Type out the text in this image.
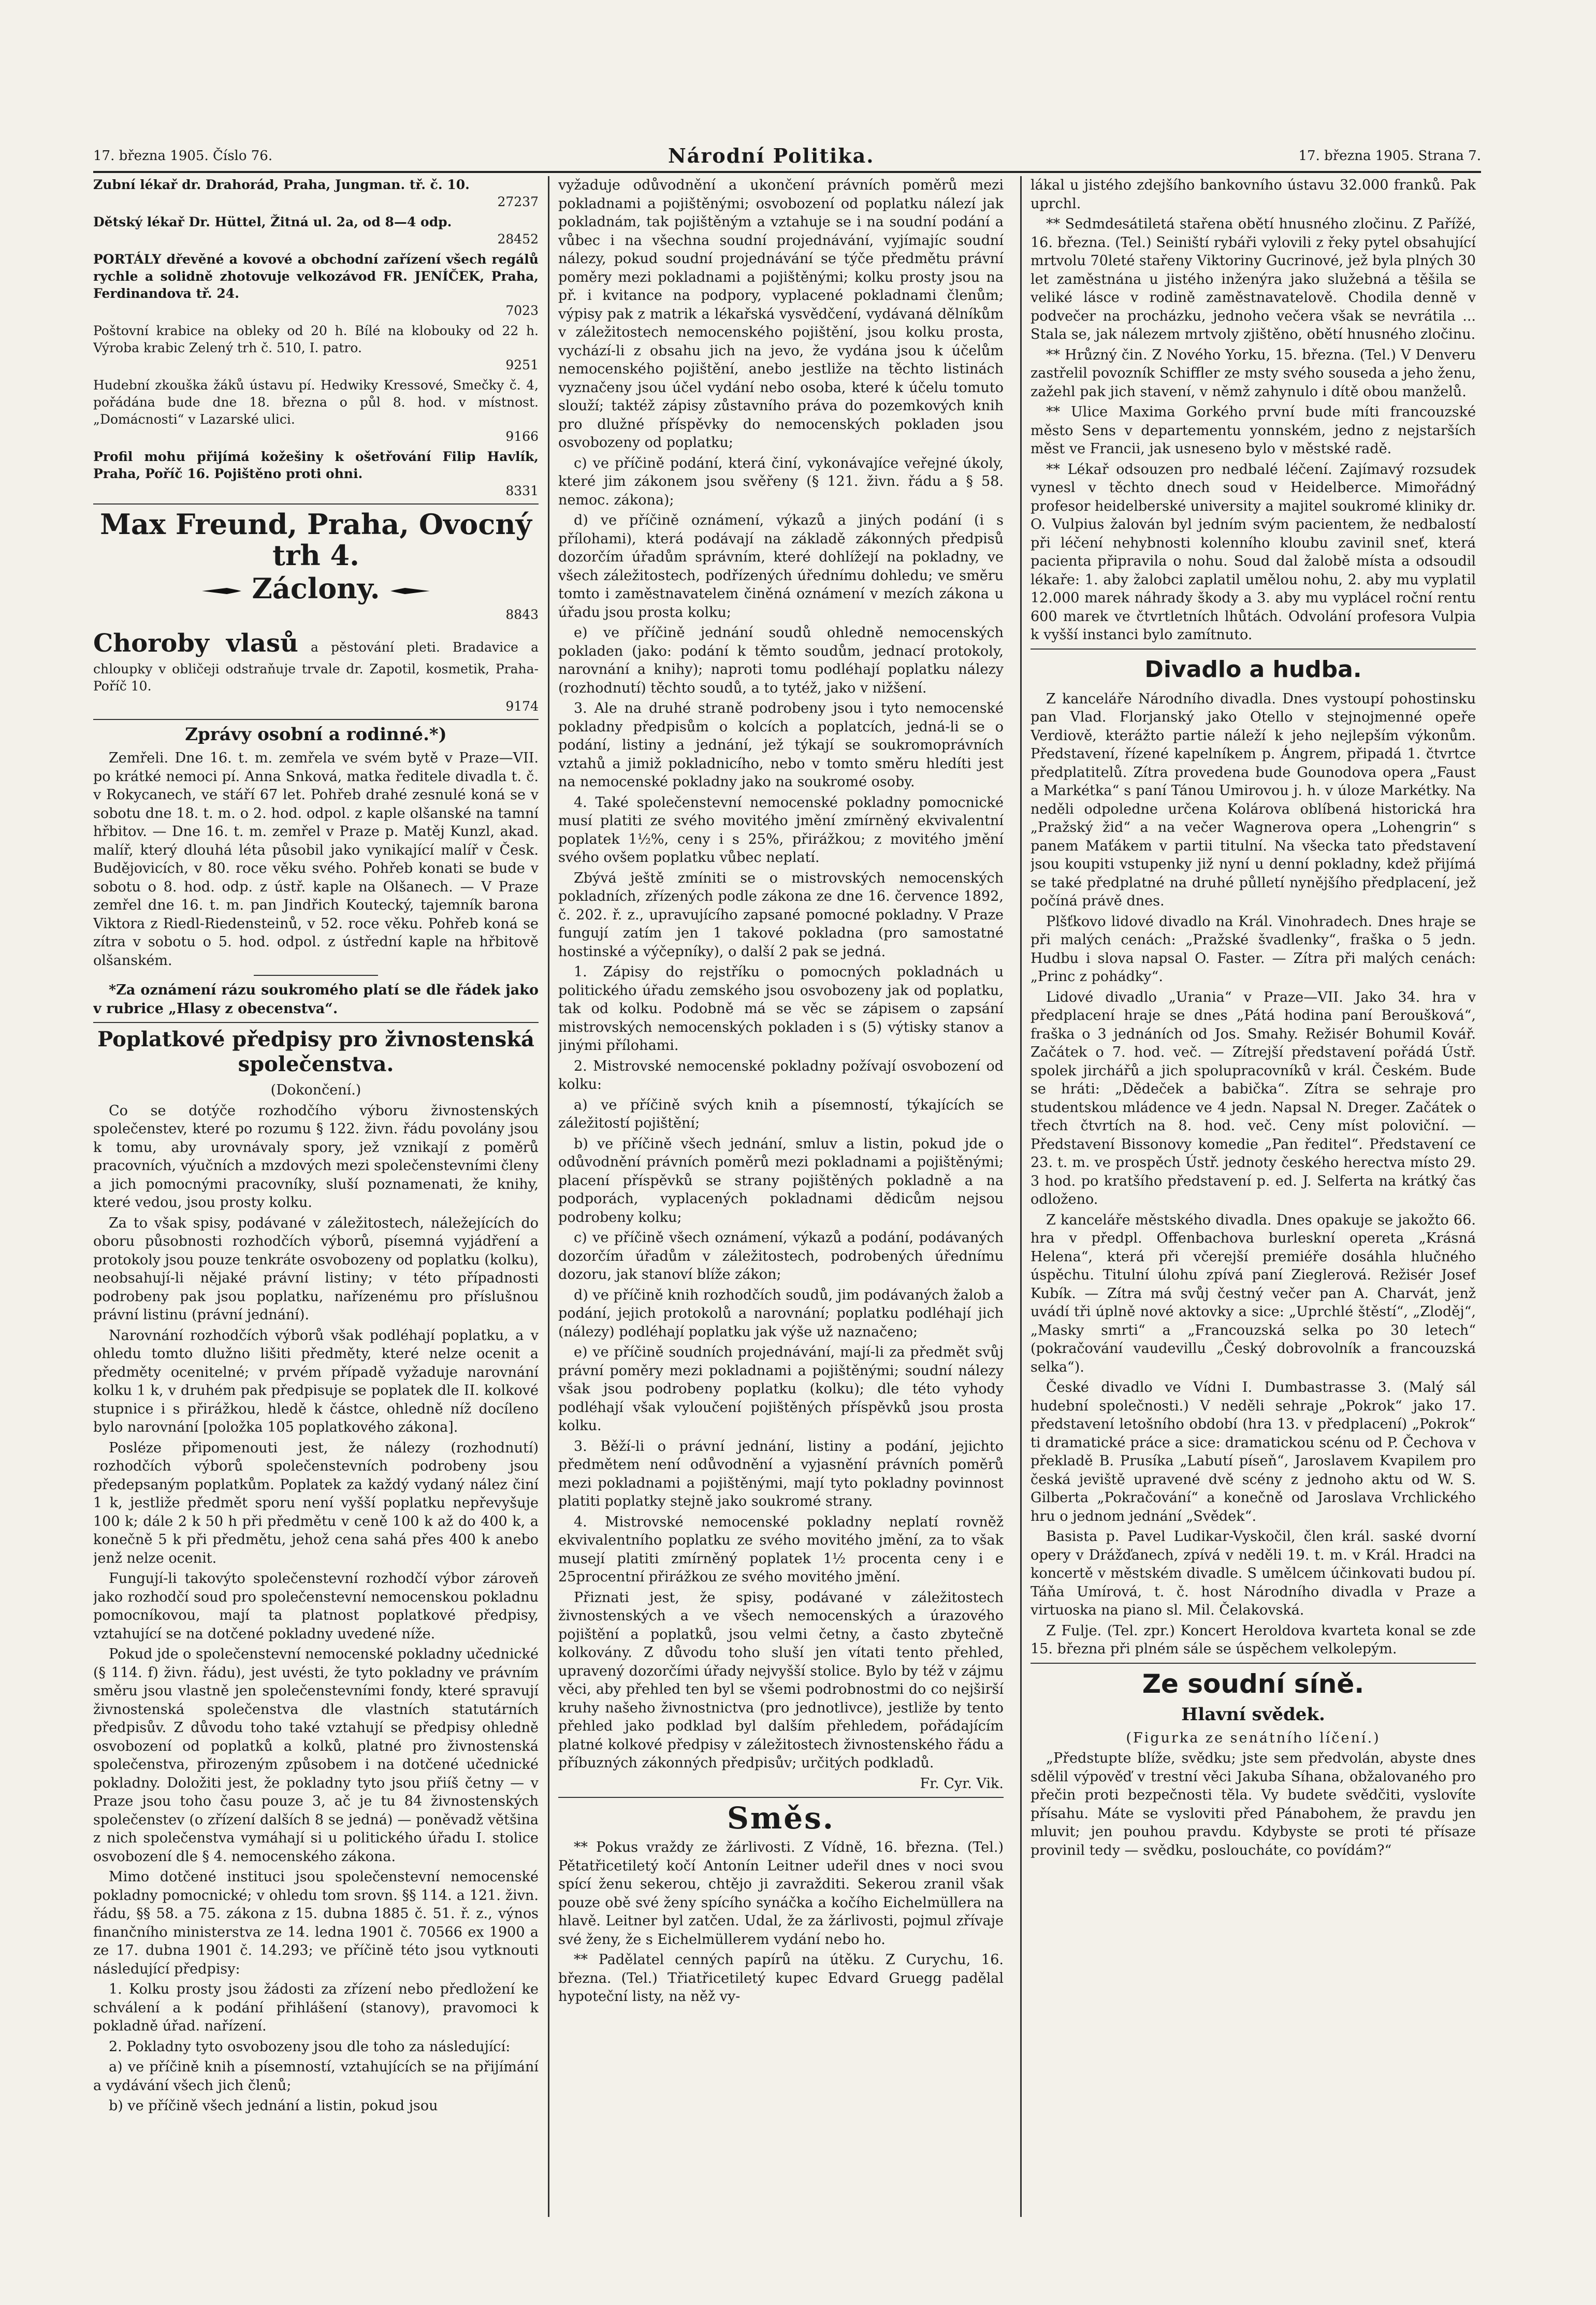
17. března 1905. Číslo 76.	Národní Politika.	17. března 1905. Strana 7.

Zubní lékař dr. Drahorád, Praha, Jungman. tř. č. 10.

27237

Dětský lékař Dr. Hüttel, Žitná ul. 2a, od 8—4 odp.

28452

PORTÁLY dřevěné a kovové a obchodní zařízení všech regálů rychle a solidně zhotovuje velkozávod FR. JENÍČEK, Praha, Ferdinandova tř. 24.

7023

Poštovní krabice na obleky od 20 h. Bílé na klobouky od 22 h. Výroba krabic Zelený trh č. 510, I. patro.

9251

Hudební zkouška žáků ústavu pí. Hedwiky Kressové, Smečky č. 4, pořádána bude dne 18. března o půl 8. hod. v místnost. „Domácnosti“ v Lazarské ulici.

9166

Profil mohu přijímá kožešiny k ošetřování Filip Havlík, Praha, Poříč 16. Pojištěno proti ohni.

8331

Max Freund, Praha, Ovocný trh 4.

Záclony.

8843

Choroby vlasů a pěstování pleti. Bradavice a chloupky v obličeji odstraňuje trvale dr. Zapotil, kosmetik, Praha-Poříč 10.

9174

Zprávy osobní a rodinné.*)

Zemřeli. Dne 16. t. m. zemřela ve svém bytě v Praze—VII. po krátké nemoci pí. Anna Snková, matka ředitele divadla t. č. v Rokycanech, ve stáří 67 let. Pohřeb drahé zesnulé koná se v sobotu dne 18. t. m. o 2. hod. odpol. z kaple olšanské na tamní hřbitov. — Dne 16. t. m. zemřel v Praze p. Matěj Kunzl, akad. malíř, který dlouhá léta působil jako vynikající malíř v Česk. Budějovicích, v 80. roce věku svého. Pohřeb konati se bude v sobotu o 8. hod. odp. z ústř. kaple na Olšanech. — V Praze zemřel dne 16. t. m. pan Jindřich Koutecký, tajemník barona Viktora z Riedl-Riedensteinů, v 52. roce věku. Pohřeb koná se zítra v sobotu o 5. hod. odpol. z ústřední kaple na hřbitově olšanském.

*Za oznámení rázu soukromého platí se dle řádek jako v rubrice „Hlasy z obecenstva“.

Poplatkové předpisy pro živnostenská společenstva.

(Dokončení.)

Co se dotýče rozhodčího výboru živnostenských společenstev, které po rozumu § 122. živn. řádu povolány jsou k tomu, aby urovnávaly spory, jež vznikají z poměrů pracovních, výučních a mzdových mezi společenstevními členy a jich pomocnými pracovníky, sluší poznamenati, že knihy, které vedou, jsou prosty kolku.

Za to však spisy, podávané v záležitostech, náležejících do oboru působnosti rozhodčích výborů, písemná vyjádření a protokoly jsou pouze tenkráte osvobozeny od poplatku (kolku), neobsahují-li nějaké právní listiny; v této případnosti podrobeny pak jsou poplatku, nařízenému pro příslušnou právní listinu (právní jednání).

Narovnání rozhodčích výborů však podléhají poplatku, a v ohledu tomto dlužno lišiti předměty, které nelze ocenit a předměty ocenitelné; v prvém případě vyžaduje narovnání kolku 1 k, v druhém pak předpisuje se poplatek dle II. kolkové stupnice i s přirážkou, hledě k částce, ohledně níž docíleno bylo narovnání [položka 105 poplatkového zákona].

Posléze připomenouti jest, že nálezy (rozhodnutí) rozhodčích výborů společenstevních podrobeny jsou předepsaným poplatkům. Poplatek za každý vydaný nález činí 1 k, jestliže předmět sporu není vyšší poplatku nepřevyšuje 100 k; dále 2 k 50 h při předmětu v ceně 100 k až do 400 k, a konečně 5 k při předmětu, jehož cena sahá přes 400 k anebo jenž nelze ocenit.

Fungují-li takovýto společenstevní rozhodčí výbor zároveň jako rozhodčí soud pro společenstevní nemocenskou pokladnu pomocníkovou, mají ta platnost poplatkové předpisy, vztahující se na dotčené pokladny uvedené níže.

Pokud jde o společenstevní nemocenské pokladny učednické (§ 114. f) živn. řádu), jest uvésti, že tyto pokladny ve právním směru jsou vlastně jen společenstevními fondy, které spravují živnostenská společenstva dle vlastních statutárních předpisův. Z důvodu toho také vztahují se předpisy ohledně osvobození od poplatků a kolků, platné pro živnostenská společenstva, přirozeným způsobem i na dotčené učednické pokladny. Doložiti jest, že pokladny tyto jsou přiíš četny — v Praze jsou toho času pouze 3, ač je tu 84 živnostenských společenstev (o zřízení dalších 8 se jedná) — poněvadž většina z nich společenstva vymáhají si u politického úřadu I. stolice osvobození dle § 4. nemocenského zákona.

Mimo dotčené instituci jsou společenstevní nemocenské pokladny pomocnické; v ohledu tom srovn. §§ 114. a 121. živn. řádu, §§ 58. a 75. zákona z 15. dubna 1885 č. 51. ř. z., výnos finančního ministerstva ze 14. ledna 1901 č. 70566 ex 1900 a ze 17. dubna 1901 č. 14.293; ve příčině této jsou vytknouti následující předpisy:

1. Kolku prosty jsou žádosti za zřízení nebo předložení ke schválení a k podání přihlášení (stanovy), pravomoci k pokladně úřad. nařízení.

2. Pokladny tyto osvobozeny jsou dle toho za následující:

a) ve příčině knih a písemností, vztahujících se na přijímání a vydávání všech jich členů;

b) ve příčině všech jednání a listin, pokud jsou

vyžaduje odůvodnění a ukončení právních poměrů mezi pokladnami a pojištěnými; osvobození od poplatku nálezí jak pokladnám, tak pojištěným a vztahuje se i na soudní podání a vůbec i na všechna soudní projednávání, vyjímajíc soudní nálezy, pokud soudní projednávání se týče předmětu právní poměry mezi pokladnami a pojištěnými; kolku prosty jsou na př. i kvitance na podpory, vyplacené pokladnami členům; výpisy pak z matrik a lékařská vysvědčení, vydávaná dělníkům v záležitostech nemocenského pojištění, jsou kolku prosta, vychází-li z obsahu jich na jevo, že vydána jsou k účelům nemocenského pojištění, anebo jestliže na těchto listinách vyznačeny jsou účel vydání nebo osoba, které k účelu tomuto slouží; taktéž zápisy zůstavního práva do pozemkových knih pro dlužné příspěvky do nemocenských pokladen jsou osvobozeny od poplatku;

c) ve příčině podání, která činí, vykonávajíce veřejné úkoly, které jim zákonem jsou svěřeny (§ 121. živn. řádu a § 58. nemoc. zákona);

d) ve příčině oznámení, výkazů a jiných podání (i s přílohami), která podávají na základě zákonných předpisů dozorčím úřadům správním, které dohlížejí na pokladny, ve všech záležitostech, podřízených úřednímu dohledu; ve směru tomto i zaměstnavatelem činěná oznámení v mezích zákona u úřadu jsou prosta kolku;

e) ve příčině jednání soudů ohledně nemocenských pokladen (jako: podání k těmto soudům, jednací protokoly, narovnání a knihy); naproti tomu podléhají poplatku nálezy (rozhodnutí) těchto soudů, a to tytéž, jako v nižšení.

3. Ale na druhé straně podrobeny jsou i tyto nemocenské pokladny předpisům o kolcích a poplatcích, jedná-li se o podání, listiny a jednání, jež týkají se soukromoprávních vztahů a jimiž pokladnicího, nebo v tomto směru hledíti jest na nemocenské pokladny jako na soukromé osoby.

4. Také společenstevní nemocenské pokladny pomocnické musí platiti ze svého movitého jmění zmírněný ekvivalentní poplatek 1½%, ceny i s 25%, přirážkou; z movitého jmění svého ovšem poplatku vůbec neplatí.

Zbývá ještě zmíniti se o mistrovských nemocenských pokladních, zřízených podle zákona ze dne 16. července 1892, č. 202. ř. z., upravujícího zapsané pomocné pokladny. V Praze fungují zatím jen 1 takové pokladna (pro samostatné hostinské a výčepníky), o další 2 pak se jedná.

1. Zápisy do rejstříku o pomocných pokladnách u politického úřadu zemského jsou osvobozeny jak od poplatku, tak od kolku. Podobně má se věc se zápisem o zapsání mistrovských nemocenských pokladen i s (5) výtisky stanov a jinými přílohami.

2. Mistrovské nemocenské pokladny požívají osvobození od kolku:

a) ve příčině svých knih a písemností, týkajících se záležitostí pojištění;

b) ve příčině všech jednání, smluv a listin, pokud jde o odůvodnění právních poměrů mezi pokladnami a pojištěnými; placení příspěvků se strany pojištěných pokladně a na podporách, vyplacených pokladnami dědicům nejsou podrobeny kolku;

c) ve příčině všech oznámení, výkazů a podání, podávaných dozorčím úřadům v záležitostech, podrobených úřednímu dozoru, jak stanoví blíže zákon;

d) ve příčině knih rozhodčích soudů, jim podávaných žalob a podání, jejich protokolů a narovnání; poplatku podléhají jich (nálezy) podléhají poplatku jak výše už naznačeno;

e) ve příčině soudních projednávání, mají-li za předmět svůj právní poměry mezi pokladnami a pojištěnými; soudní nálezy však jsou podrobeny poplatku (kolku); dle této vyhody podléhají však vyloučení pojištěných příspěvků jsou prosta kolku.

3. Běží-li o právní jednání, listiny a podání, jejichto předmětem není odůvodnění a vyjasnění právních poměrů mezi pokladnami a pojištěnými, mají tyto pokladny povinnost platiti poplatky stejně jako soukromé strany.

4. Mistrovské nemocenské pokladny neplatí rovněž ekvivalentního poplatku ze svého movitého jmění, za to však musejí platiti zmírněný poplatek 1½ procenta ceny i e 25procentní přirážkou ze svého movitého jmění.

Přiznati jest, že spisy, podávané v záležitostech živnostenských a ve všech nemocenských a úrazového pojištění a poplatků, jsou velmi četny, a často zbytečně kolkovány. Z důvodu toho sluší jen vítati tento přehled, upravený dozorčími úřady nejvyšší stolice. Bylo by též v zájmu věci, aby přehled ten byl se všemi podrobnostmi do co nejširší kruhy našeho živnostnictva (pro jednotlivce), jestliže by tento přehled jako podklad byl dalším přehledem, pořádajícím platné kolkové předpisy v záležitostech živnostenského řádu a příbuzných zákonných předpisův; určitých podkladů.

Fr. Cyr. Vik.

Směs.

** Pokus vraždy ze žárlivosti. Z Vídně, 16. března. (Tel.) Pětatřicetiletý kočí Antonín Leitner udeřil dnes v noci svou spící ženu sekerou, chtějo ji zavražditi. Sekerou zranil však pouze obě své ženy spícího synáčka a kočího Eichelmüllera na hlavě. Leitner byl zatčen. Udal, že za žárlivosti, pojmul zřívaje své ženy, že s Eichelmüllerem vydání nebo ho.

** Padělatel cenných papírů na útěku. Z Curychu, 16. března. (Tel.) Třiatřicetiletý kupec Edvard Gruegg padělal hypoteční listy, na něž vy-

lákal u jistého zdejšího bankovního ústavu 32.000 franků. Pak uprchl.

** Sedmdesátiletá stařena obětí hnusného zločinu. Z Pařížé, 16. března. (Tel.) Seiniští rybáři vylovili z řeky pytel obsahující mrtvolu 70leté stařeny Viktoriny Gucrinové, jež byla plných 30 let zaměstnána u jistého inženýra jako služebná a těšila se veliké lásce v rodině zaměstnavatelově. Chodila denně v podvečer na procházku, jednoho večera však se nevrátila ... Stala se, jak nálezem mrtvoly zjištěno, obětí hnusného zločinu.

** Hrůzný čin. Z Nového Yorku, 15. března. (Tel.) V Denveru zastřelil povozník Schiffler ze msty svého souseda a jeho ženu, zažehl pak jich stavení, v němž zahynulo i dítě obou manželů.

** Ulice Maxima Gorkého první bude míti francouzské město Sens v departementu yonnském, jedno z nejstarších měst ve Francii, jak usneseno bylo v městské radě.

** Lékař odsouzen pro nedbalé léčení. Zajímavý rozsudek vynesl v těchto dnech soud v Heidelberce. Mimořádný profesor heidelberské university a majitel soukromé kliniky dr. O. Vulpius žalován byl jedním svým pacientem, že nedbalostí při léčení nehybnosti kolenního kloubu zavinil sneť, která pacienta připravila o nohu. Soud dal žalobě místa a odsoudil lékaře: 1. aby žalobci zaplatil umělou nohu, 2. aby mu vyplatil 12.000 marek náhrady škody a 3. aby mu vyplácel roční rentu 600 marek ve čtvrtletních lhůtách. Odvolání profesora Vulpia k vyšší instanci bylo zamítnuto.

Divadlo a hudba.

Z kanceláře Národního divadla. Dnes vystoupí pohostinsku pan Vlad. Florjanský jako Otello v stejnojmenné opeře Verdiově, kterážto partie náleží k jeho nejlepším výkonům. Představení, řízené kapelníkem p. Ángrem, připadá 1. čtvrtce předplatitelů. Zítra provedena bude Gounodova opera „Faust a Markétka“ s paní Tánou Umirovou j. h. v úloze Markétky. Na neděli odpoledne určena Kolárova oblíbená historická hra „Pražský žid“ a na večer Wagnerova opera „Lohengrin“ s panem Maťákem v partii titulní. Na všecka tato představení jsou koupiti vstupenky již nyní u denní pokladny, kdež přijímá se také předplatné na druhé půlletí nynějšího předplacení, jež počíná právě dnes.

Plšťkovo lidové divadlo na Král. Vinohradech. Dnes hraje se při malých cenách: „Pražské švadlenky“, fraška o 5 jedn. Hudbu i slova napsal O. Faster. — Zítra při malých cenách: „Princ z pohádky“.

Lidové divadlo „Urania“ v Praze—VII. Jako 34. hra v předplacení hraje se dnes „Pátá hodina paní Beroušková“, fraška o 3 jednáních od Jos. Smahy. Režisér Bohumil Kovář. Začátek o 7. hod. več. — Zítrejší představení pořádá Ústř. spolek jirchářů a jich spolupracovníků v král. Českém. Bude se hráti: „Dědeček a babička“. Zítra se sehraje pro studentskou mládence ve 4 jedn. Napsal N. Dreger. Začátek o třech čtvrtích na 8. hod. več. Ceny míst poloviční. — Představení Bissonovy komedie „Pan ředitel“. Představení ce 23. t. m. ve prospěch Ústř. jednoty českého herectva místo 29. 3 hod. po kratšího představení p. ed. J. Selferta na krátký čas odloženo.

Z kanceláře městského divadla. Dnes opakuje se jakožto 66. hra v předpl. Offenbachova burleskní opereta „Krásná Helena“, která při včerejší premiéře dosáhla hlučného úspěchu. Titulní úlohu zpívá paní Zieglerová. Režisér Josef Kubík. — Zítra má svůj čestný večer pan A. Charvát, jenž uvádí tři úplně nové aktovky a sice: „Uprchlé štěstí“, „Zloděj“, „Masky smrti“ a „Francouzská selka po 30 letech“ (pokračování vaudevillu „Český dobrovolník a francouzská selka“).

České divadlo ve Vídni I. Dumbastrasse 3. (Malý sál hudební společnosti.) V neděli sehraje „Pokrok“ jako 17. představení letošního období (hra 13. v předplacení) „Pokrok“ ti dramatické práce a sice: dramatickou scénu od P. Čechova v překladě B. Prusíka „Labutí píseň“, Jaroslavem Kvapilem pro česká jeviště upravené dvě scény z jednoho aktu od W. S. Gilberta „Pokračování“ a konečně od Jaroslava Vrchlického hru o jednom jednání „Svědek“.

Basista p. Pavel Ludikar-Vyskočil, člen král. saské dvorní opery v Drážďanech, zpívá v neděli 19. t. m. v Král. Hradci na koncertě v městském divadle. S umělcem účinkovati budou pí. Táňa Umírová, t. č. host Národního divadla v Praze a virtuoska na piano sl. Mil. Čelakovská.

Z Fulje. (Tel. zpr.) Koncert Heroldova kvarteta konal se zde 15. března při plném sále se úspěchem velkolepým.

Ze soudní síně.

Hlavní svědek.

(Figurka ze senátního líčení.)

„Předstupte blíže, svědku; jste sem předvolán, abyste dnes sdělil výpověď v trestní věci Jakuba Síhana, obžalovaného pro přečin proti bezpečnosti těla. Vy budete svědčiti, vyslovíte přísahu. Máte se vysloviti před Pánabohem, že pravdu jen mluvit; jen pouhou pravdu. Kdybyste se proti té přísaze provinil tedy — svědku, posloucháte, co povídám?“
